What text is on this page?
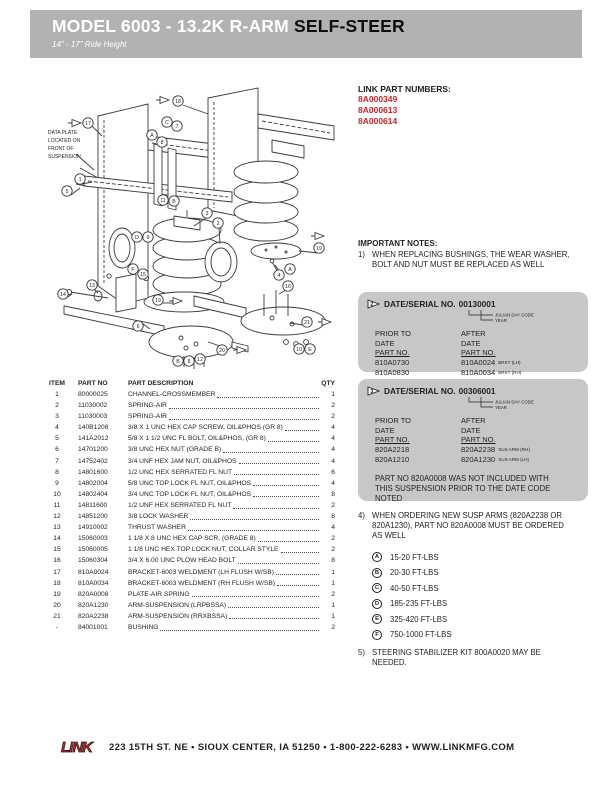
MODEL 6003 - 13.2K R-ARM SELF-STEER
14" - 17" Ride Height
DATA PLATE
LOCATED ON
FRONT OF
SUSPENSION
17
18
1
5
A
8
C
7
11 B
3
2
D 9
19
4
A
16
F
15
13
14
19
6
21
20	10 E
B 8 12
LINK PART NUMBERS:
8A000349
8A000613
8A000614
IMPORTANT NOTES:
1) WHEN REPLACING BUSHINGS, THE WEAR WASHER, BOLT AND NUT MUST BE REPLACED AS WELL
2 DATE/SERIAL NO. 00130001
JULIAN DAY CODE
YEAR
PRIOR TO
DATE
PART NO.
AFTER
DATE
PART NO.
810A0730	810A0024 BRKT (LH)
810A0830	810A0034 BRKT (RH)
3 DATE/SERIAL NO. 00306001
JULIAN DAY CODE
YEAR
PRIOR TO
DATE
PART NO.
AFTER
DATE
PART NO.
820A2218	820A2238 SUS ARM (RH)
820A1210	820A1230 SUS ARM (LH)
PART NO 820A0008 WAS NOT INCLUDED WITH THIS SUSPENSION PRIOR TO THE DATE CODE NOTED
4) WHEN ORDERING NEW SUSP ARMS (820A2238 OR 820A1230), PART NO 820A0008 MUST BE ORDERED AS WELL
A	15-20 FT-LBS
B	20-30 FT-LBS
C	40-50 FT-LBS
D	185-235 FT-LBS
E	325-420 FT-LBS
F	750-1000 FT-LBS
5) STEERING STABILIZER KIT 800A0020 MAY BE NEEDED.
ITEM	PART NO	PART DESCRIPTION	QTY
1	80000025	CHANNEL-CROSSMEMBER	1
2	11030002	SPRING-AIR	2
3	11030003	SPRING-AIR	2
4	140B1208	3/8 X 1 UNC HEX CAP SCREW, OIL&PHOS (GR 8)	4
5	141A2012	5/8 X 1 1/2 UNC FL BOLT, OIL&PHOS, (GR 8)	4
6	14701200	3/8 UNC HEX NUT (GRADE B)	4
7	14752402	3/4 UNF HEX JAM NUT, OIL&PHOS	4
8	14801600	1/2 UNC HEX SERRATED FL NUT	6
9	14802004	5/8 UNC TOP LOCK FL NUT, OIL&PHOS	4
10	14802404	3/4 UNC TOP LOCK FL NUT, OIL&PHOS	8
11	14811600	1/2 UNF HEX SERRATED FL NUT	2
12	14851200	3/8 LOCK WASHER	8
13	14910002	THRUST WASHER	4
14	15060003	1 1/8 X 8 UNC HEX CAP SCR, (GRADE 8)	2
15	15060005	1 1/8 UNC HEX TOP LOCK NUT, COLLAR STYLE	2
16	15060304	3/4 X 6.00 UNC PLOW HEAD BOLT	8
17	810A0024	BRACKET-6003 WELDMENT (LH FLUSH W/SB)	1
18	810A0034	BRACKET-6003 WELDMENT (RH FLUSH W/SB)	1
19	820A0008	PLATE-AIR SPRING	2
20	820A1230	ARM-SUSPENSION (LRPBSSA)	1
21	820A2238	ARM-SUSPENSION (RRXBSSA)	1
-	84001001	BUSHING	2
LINK 223 15TH ST. NE • SIOUX CENTER, IA 51250 • 1-800-222-6283 • WWW.LINKMFG.COM
